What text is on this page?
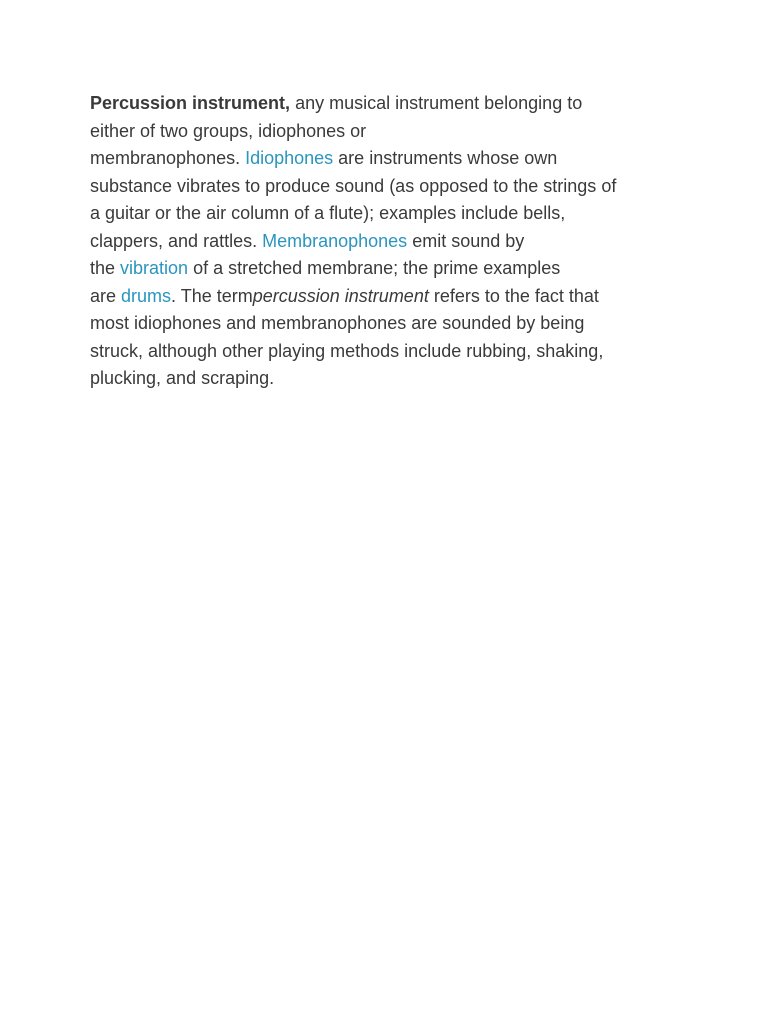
Percussion instrument, any musical instrument belonging to
either of two groups, idiophones or
membranophones. Idiophones are instruments whose own
substance vibrates to produce sound (as opposed to the strings of
a guitar or the air column of a flute); examples include bells,
clappers, and rattles. Membranophones emit sound by
the vibration of a stretched membrane; the prime examples
are drums. The termpercussion instrument refers to the fact that
most idiophones and membranophones are sounded by being
struck, although other playing methods include rubbing, shaking,
plucking, and scraping.
